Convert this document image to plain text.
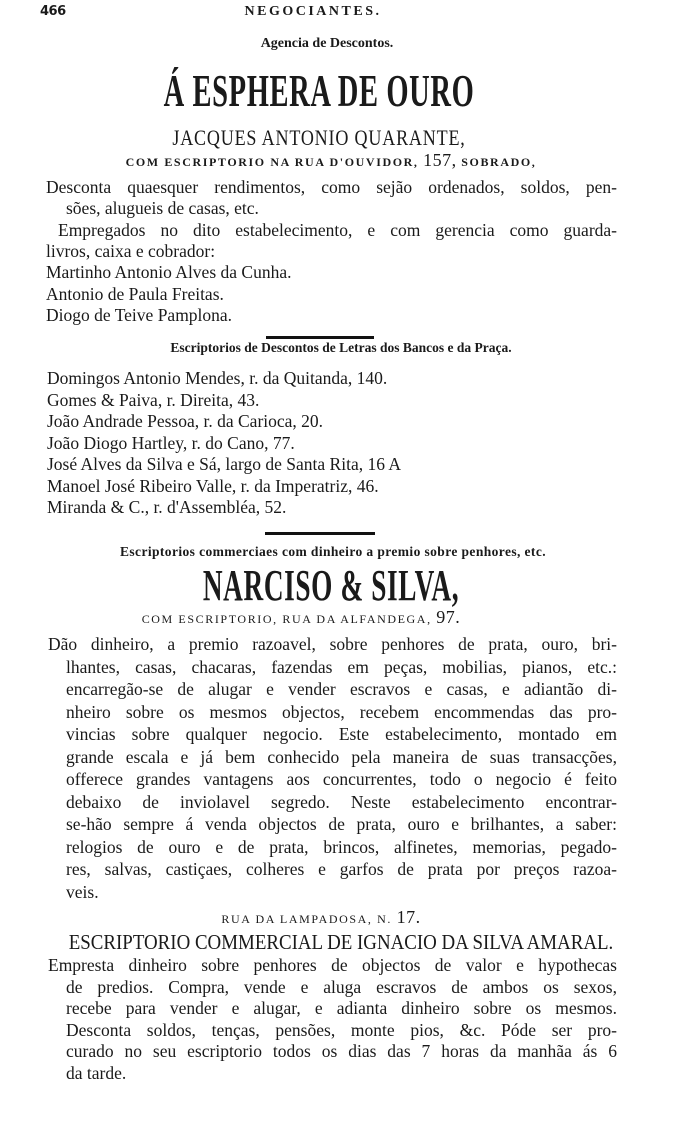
466	NEGOCIANTES.
Agencia de Descontos.
Á ESPHERA DE OURO
JACQUES ANTONIO QUARANTE,
COM ESCRIPTORIO NA RUA D'OUVIDOR, 157, SOBRADO,
Desconta quaesquer rendimentos, como sejão ordenados, soldos, pen-
sões, alugueis de casas, etc.
Empregados no dito estabelecimento, e com gerencia como guarda-
livros, caixa e cobrador:
Martinho Antonio Alves da Cunha.
Antonio de Paula Freitas.
Diogo de Teive Pamplona.
Escriptorios de Descontos de Letras dos Bancos e da Praça.
Domingos Antonio Mendes, r. da Quitanda, 140.
Gomes & Paiva, r. Direita, 43.
João Andrade Pessoa, r. da Carioca, 20.
João Diogo Hartley, r. do Cano, 77.
José Alves da Silva e Sá, largo de Santa Rita, 16 A
Manoel José Ribeiro Valle, r. da Imperatriz, 46.
Miranda & C., r. d'Assembléa, 52.
Escriptorios commerciaes com dinheiro a premio sobre penhores, etc.
NARCISO & SILVA,
COM ESCRIPTORIO, RUA DA ALFANDEGA, 97.
Dão dinheiro, a premio razoavel, sobre penhores de prata, ouro, bri-
lhantes, casas, chacaras, fazendas em peças, mobilias, pianos, etc.:
encarregão-se de alugar e vender escravos e casas, e adiantão di-
nheiro sobre os mesmos objectos, recebem encommendas das pro-
vincias sobre qualquer negocio. Este estabelecimento, montado em
grande escala e já bem conhecido pela maneira de suas transacções,
offerece grandes vantagens aos concurrentes, todo o negocio é feito
debaixo de inviolavel segredo. Neste estabelecimento encontrar-
se-hão sempre á venda objectos de prata, ouro e brilhantes, a saber:
relogios de ouro e de prata, brincos, alfinetes, memorias, pegado-
res, salvas, castiçaes, colheres e garfos de prata por preços razoa-
veis.
RUA DA LAMPADOSA, N. 17.
ESCRIPTORIO COMMERCIAL DE IGNACIO DA SILVA AMARAL.
Empresta dinheiro sobre penhores de objectos de valor e hypothecas
de predios. Compra, vende e aluga escravos de ambos os sexos,
recebe para vender e alugar, e adianta dinheiro sobre os mesmos.
Desconta soldos, tenças, pensões, monte pios, &c. Póde ser pro-
curado no seu escriptorio todos os dias das 7 horas da manhãa ás 6
da tarde.
